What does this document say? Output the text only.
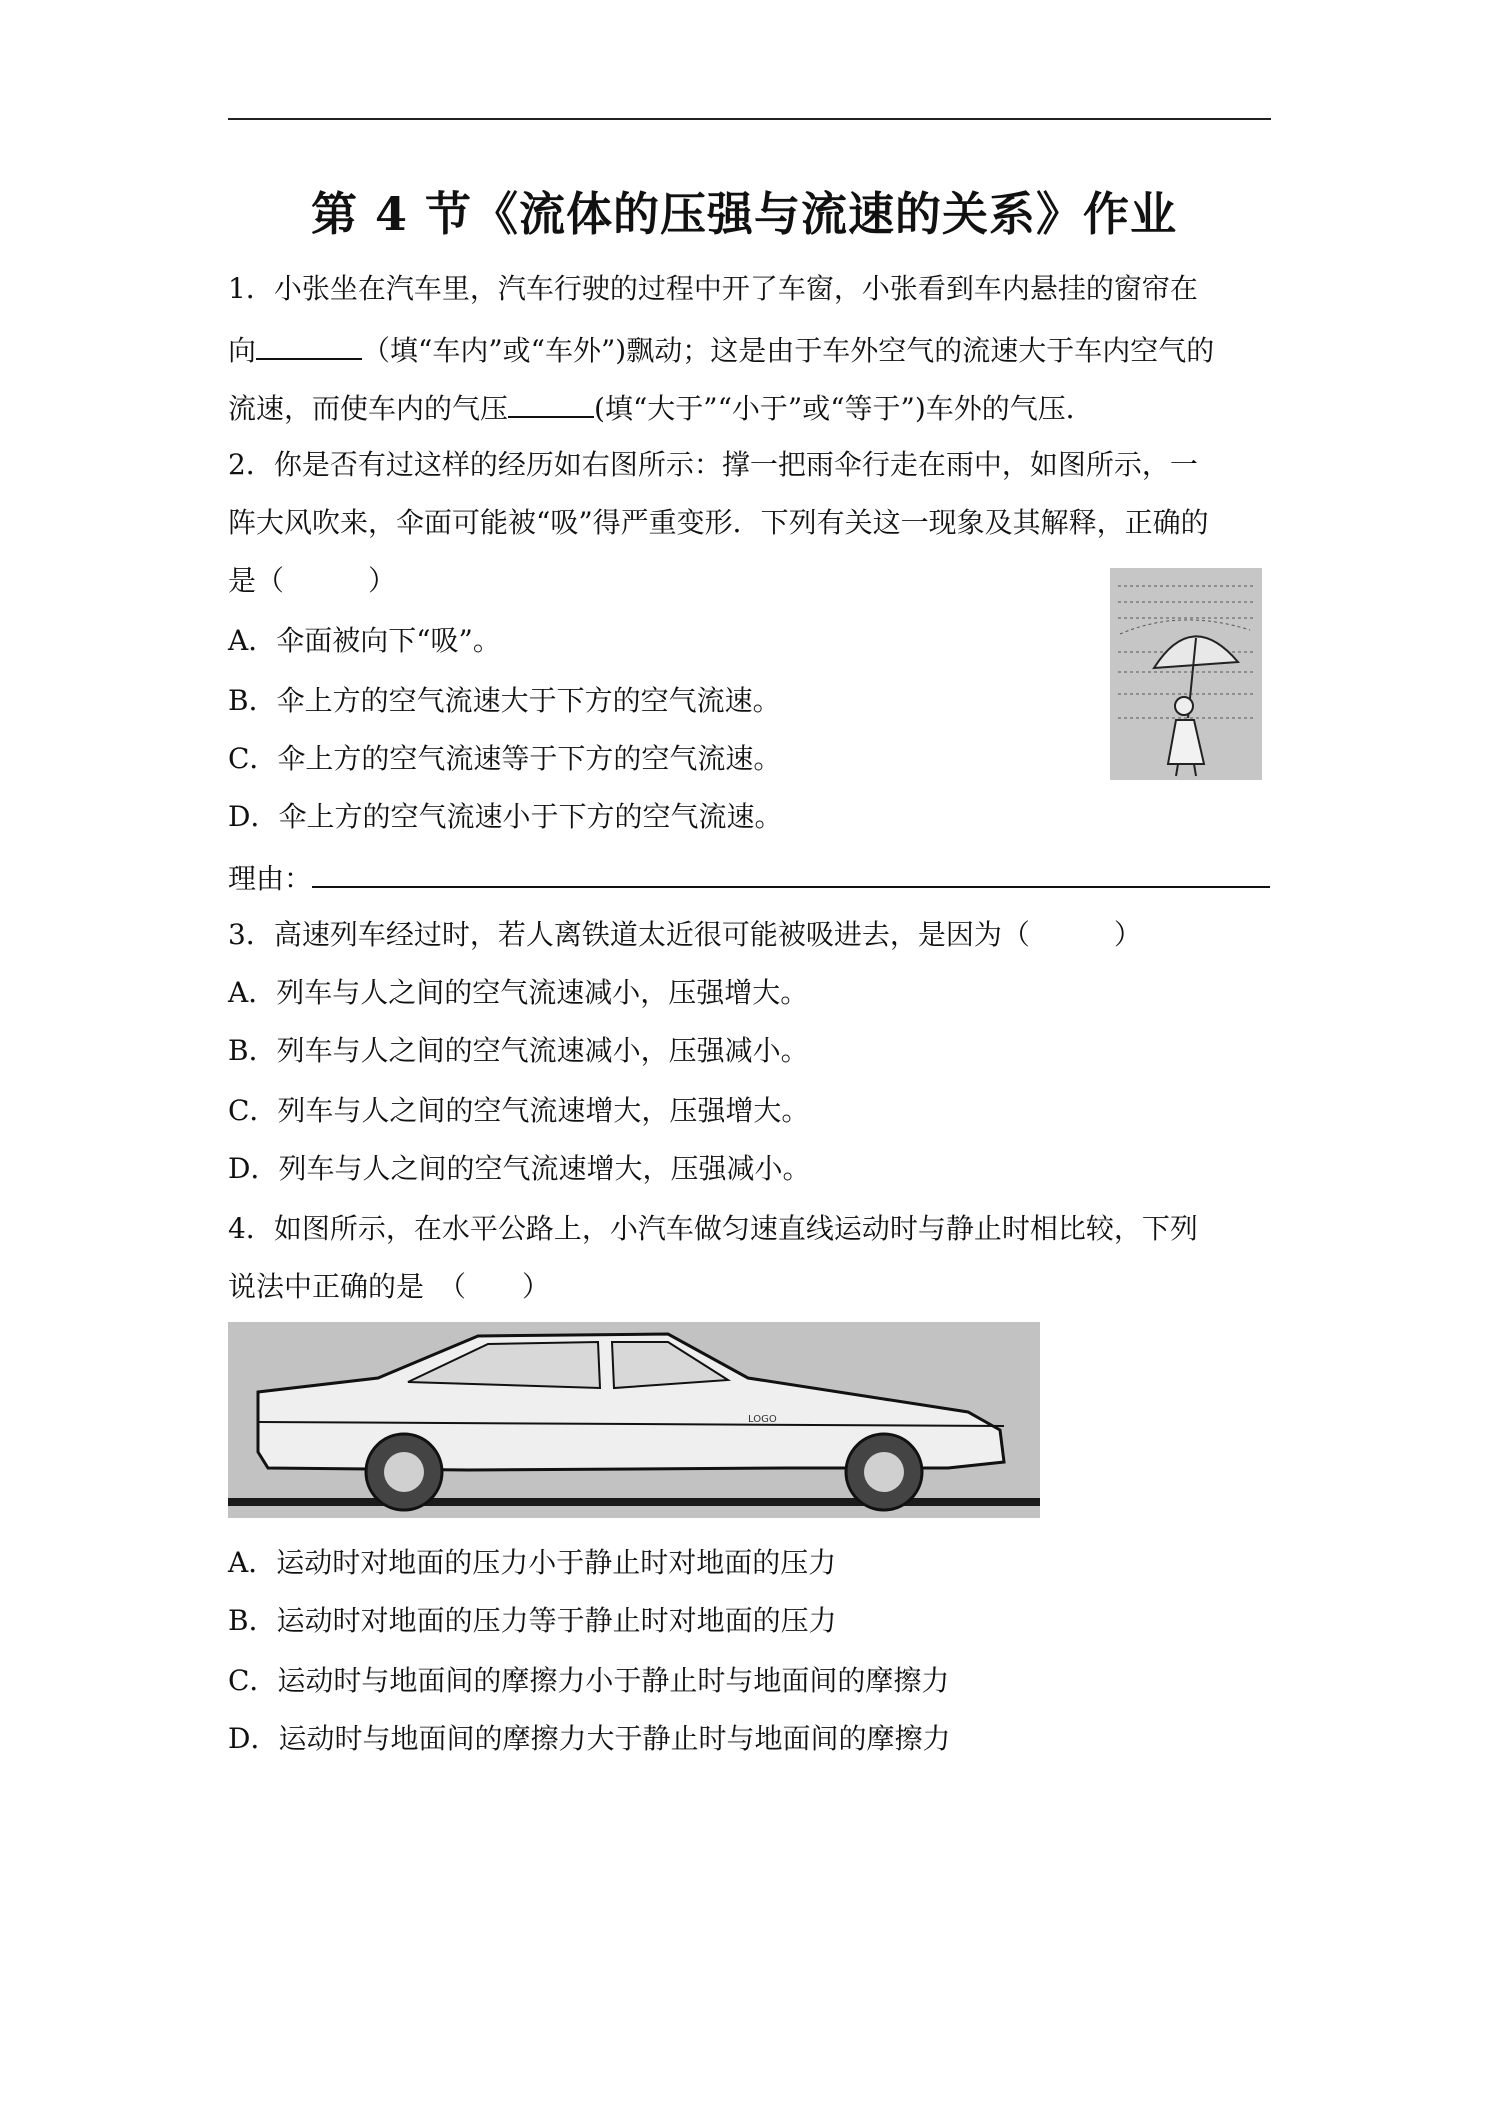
第 4 节《流体的压强与流速的关系》作业
1．小张坐在汽车里，汽车行驶的过程中开了车窗，小张看到车内悬挂的窗帘在
向	（填“车内”或“车外”)飘动；这是由于车外空气的流速大于车内空气的
流速，而使车内的气压	(填“大于”“小于”或“等于”)车外的气压．
2．你是否有过这样的经历如右图所示：撑一把雨伞行走在雨中，如图所示，一
阵大风吹来，伞面可能被“吸”得严重变形．下列有关这一现象及其解释，正确的
是（　　　）
A．伞面被向下“吸”。
B．伞上方的空气流速大于下方的空气流速。
C．伞上方的空气流速等于下方的空气流速。
D．伞上方的空气流速小于下方的空气流速。
理由：
3．高速列车经过时，若人离铁道太近很可能被吸进去，是因为（　　　）
A．列车与人之间的空气流速减小，压强增大。
B．列车与人之间的空气流速减小，压强减小。
C．列车与人之间的空气流速增大，压强增大。
D．列车与人之间的空气流速增大，压强减小。
4．如图所示，在水平公路上，小汽车做匀速直线运动时与静止时相比较，下列
说法中正确的是　（　　）
LOGO
A．运动时对地面的压力小于静止时对地面的压力
B．运动时对地面的压力等于静止时对地面的压力
C．运动时与地面间的摩擦力小于静止时与地面间的摩擦力
D．运动时与地面间的摩擦力大于静止时与地面间的摩擦力
